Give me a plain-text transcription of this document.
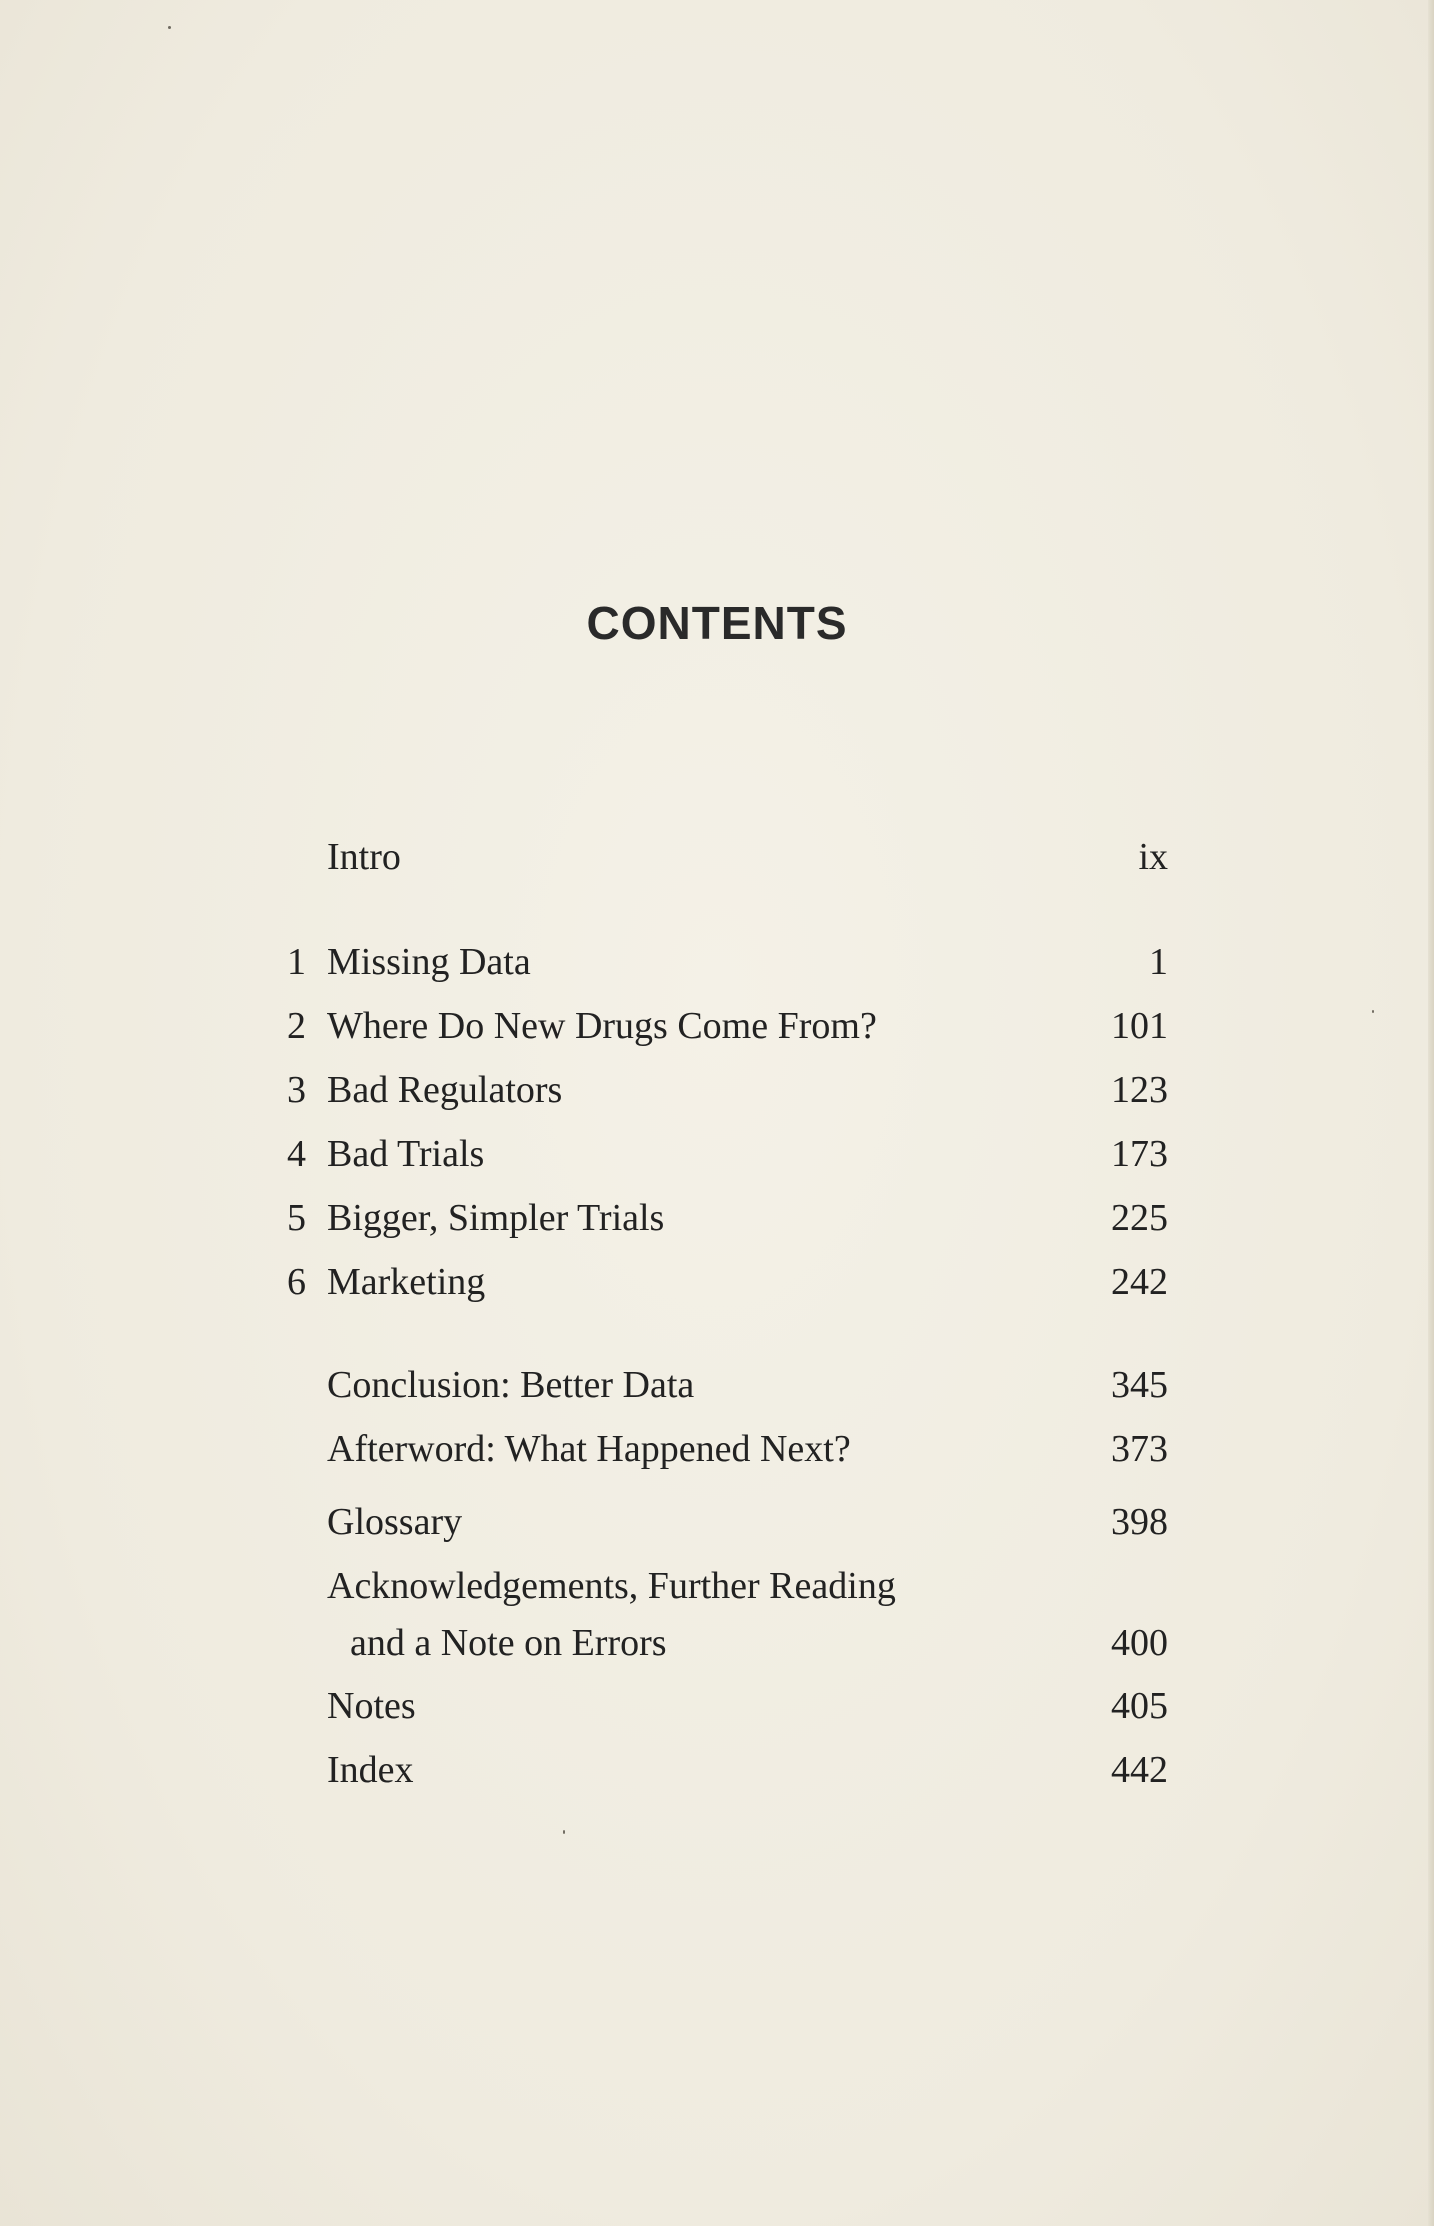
CONTENTS
Intro	ix
1 Missing Data	1
2 Where Do New Drugs Come From?	101
3 Bad Regulators	123
4 Bad Trials	173
5 Bigger, Simpler Trials	225
6 Marketing	242
Conclusion: Better Data	345
Afterword: What Happened Next?	373
Glossary	398
Acknowledgements, Further Reading
and a Note on Errors	400
Notes	405
Index	442
